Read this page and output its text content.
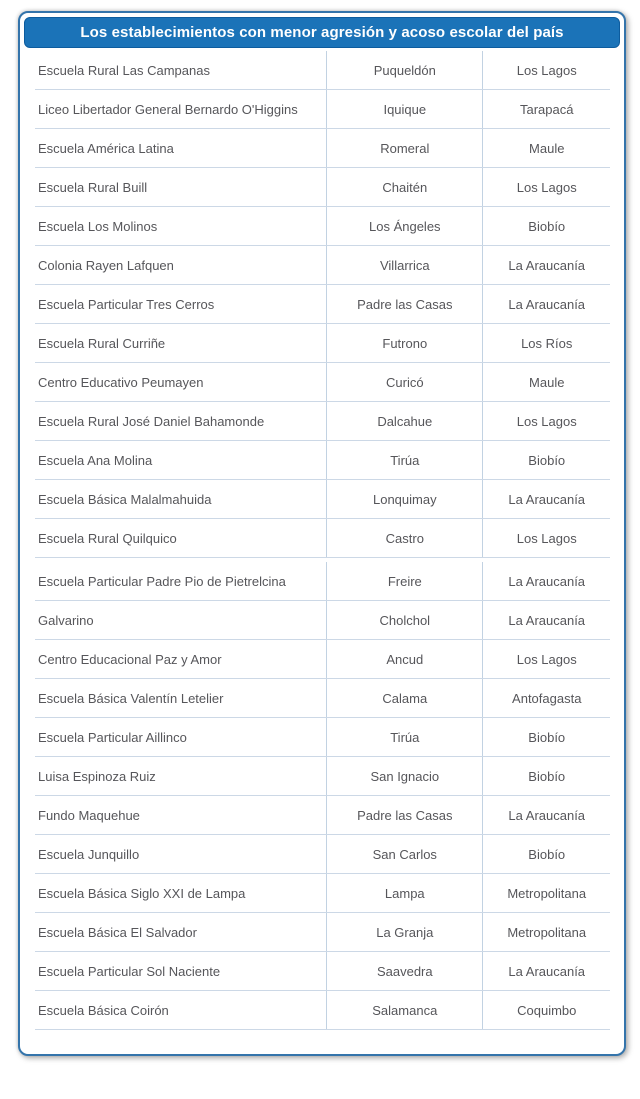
Los establecimientos con menor agresión y acoso escolar del país
Escuela Rural Las Campanas	Puqueldón	Los Lagos
Liceo Libertador General Bernardo O'Higgins	Iquique	Tarapacá
Escuela América Latina	Romeral	Maule
Escuela Rural Buill	Chaitén	Los Lagos
Escuela Los Molinos	Los Ángeles	Biobío
Colonia Rayen Lafquen	Villarrica	La Araucanía
Escuela Particular Tres Cerros	Padre las Casas	La Araucanía
Escuela Rural Curriñe	Futrono	Los Ríos
Centro Educativo Peumayen	Curicó	Maule
Escuela Rural José Daniel Bahamonde	Dalcahue	Los Lagos
Escuela Ana Molina	Tirúa	Biobío
Escuela Básica Malalmahuida	Lonquimay	La Araucanía
Escuela Rural Quilquico	Castro	Los Lagos
Escuela Particular Padre Pio de Pietrelcina	Freire	La Araucanía
Galvarino	Cholchol	La Araucanía
Centro Educacional Paz y Amor	Ancud	Los Lagos
Escuela Básica Valentín Letelier	Calama	Antofagasta
Escuela Particular Aillinco	Tirúa	Biobío
Luisa Espinoza Ruiz	San Ignacio	Biobío
Fundo Maquehue	Padre las Casas	La Araucanía
Escuela Junquillo	San Carlos	Biobío
Escuela Básica Siglo XXI de Lampa	Lampa	Metropolitana
Escuela Básica El Salvador	La Granja	Metropolitana
Escuela Particular Sol Naciente	Saavedra	La Araucanía
Escuela Básica Coirón	Salamanca	Coquimbo
